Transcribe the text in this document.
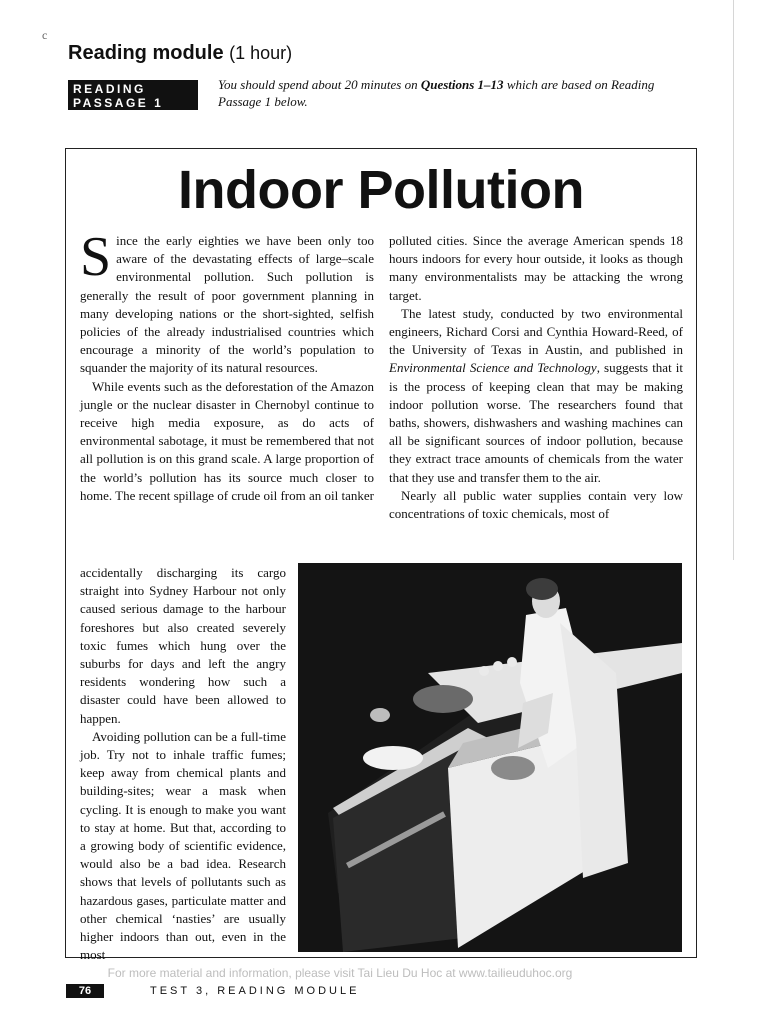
c
Reading module (1 hour)
READING
PASSAGE 1
You should spend about 20 minutes on Questions 1–13 which are based on Reading Passage 1 below.
Indoor Pollution

Since the early eighties we have been only too aware of the devastating effects of large–scale environmental pollution. Such pollution is generally the result of poor government planning in many developing nations or the short-sighted, selfish policies of the already industrialised countries which encourage a minority of the world’s population to squander the majority of its natural resources.

While events such as the deforestation of the Amazon jungle or the nuclear disaster in Chernobyl continue to receive high media exposure, as do acts of environmental sabotage, it must be remembered that not all pollution is on this grand scale. A large proportion of the world’s pollution has its source much closer to home. The recent spillage of crude oil from an oil tanker

polluted cities. Since the average American spends 18 hours indoors for every hour outside, it looks as though many environmentalists may be attacking the wrong target.

The latest study, conducted by two environmental engineers, Richard Corsi and Cynthia Howard-Reed, of the University of Texas in Austin, and published in Environmental Science and Technology, suggests that it is the process of keeping clean that may be making indoor pollution worse. The researchers found that baths, showers, dishwashers and washing machines can all be significant sources of indoor pollution, because they extract trace amounts of chemicals from the water that they use and transfer them to the air.

Nearly all public water supplies contain very low concentrations of toxic chemicals, most of

accidentally discharging its cargo straight into Sydney Harbour not only caused serious damage to the harbour foreshores but also created severely toxic fumes which hung over the suburbs for days and left the angry residents wondering how such a disaster could have been allowed to happen.

Avoiding pollution can be a full-time job. Try not to inhale traffic fumes; keep away from chemical plants and building-sites; wear a mask when cycling. It is enough to make you want to stay at home. But that, according to a growing body of scientific evidence, would also be a bad idea. Research shows that levels of pollutants such as hazardous gases, particulate matter and other chemical ‘nasties’ are usually higher indoors than out, even in the most

For more material and information, please visit Tai Lieu Du Hoc at www.tailieuduhoc.org
76	TEST 3, READING MODULE
